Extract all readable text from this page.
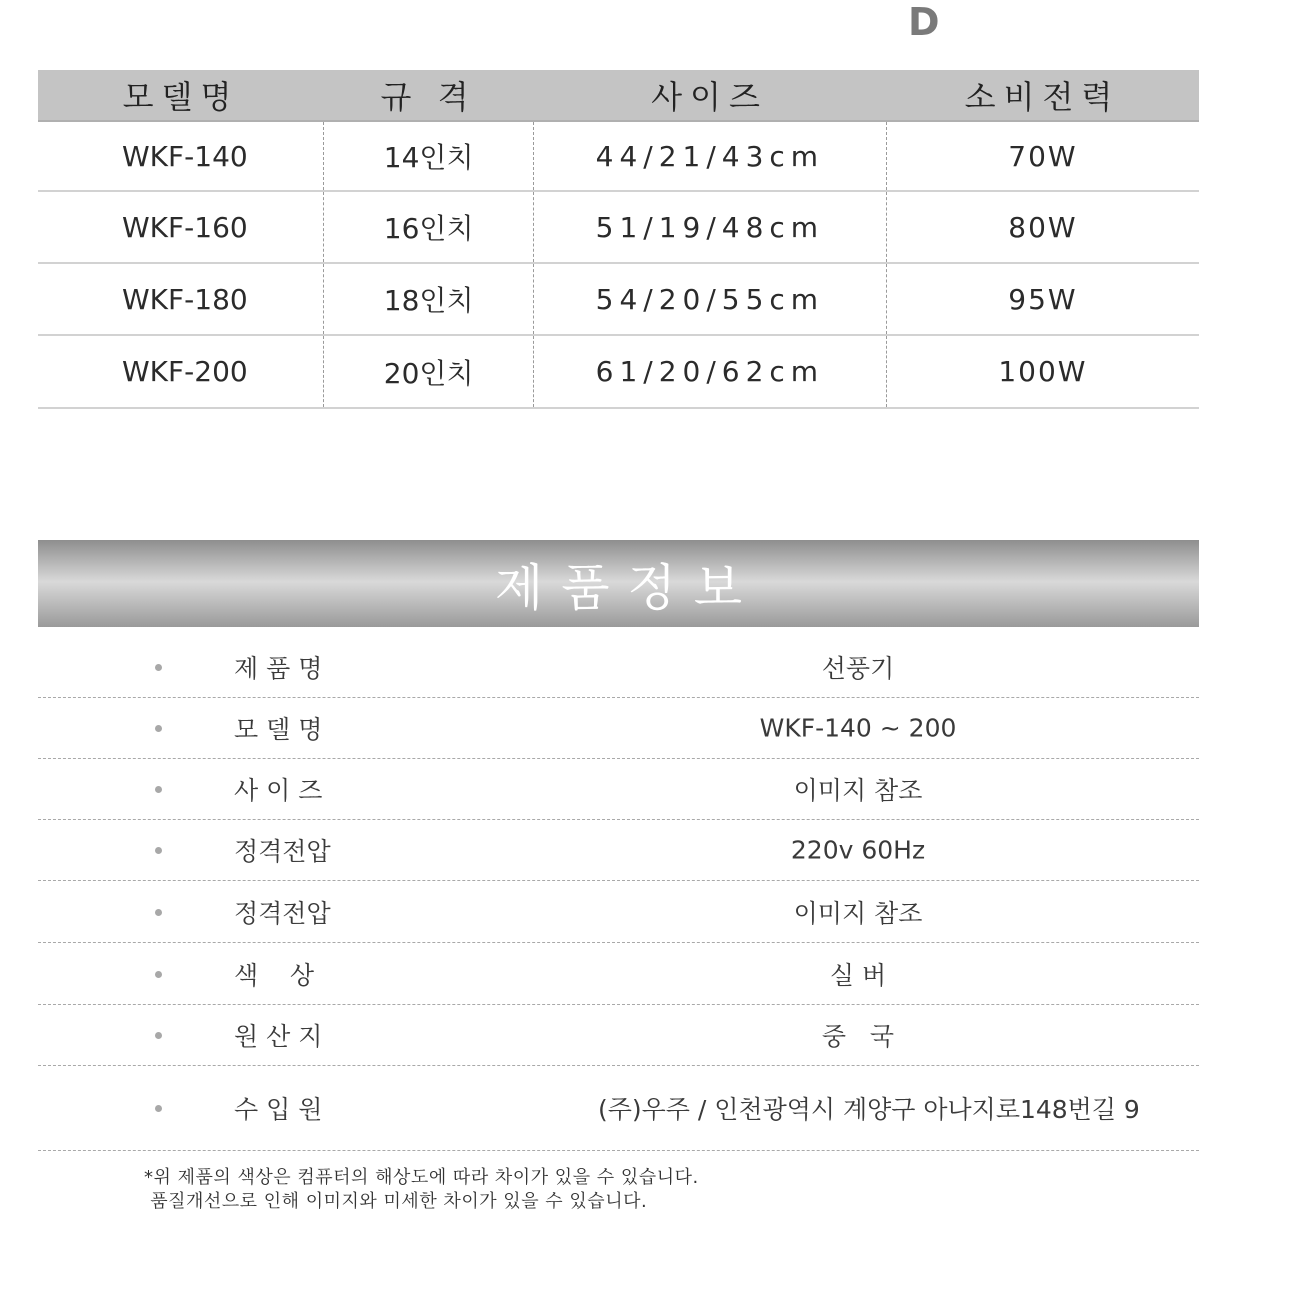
D
모델명	규 격	사이즈	소비전력
WKF-140	14인치	44/21/43cm	70W
WKF-160	16인치	51/19/48cm	80W
WKF-180	18인치	54/20/55cm	95W
WKF-200	20인치	61/20/62cm	100W
제품정보
제 품 명	선풍기
모 델 명	WKF-140 ~ 200
사 이 즈	이미지 참조
정격전압	220v 60Hz
정격전압	이미지 참조
색    상	실 버
원 산 지	중   국
수 입 원	(주)우주 / 인천광역시 계양구 아나지로148번길 9
*위 제품의 색상은 컴퓨터의 해상도에 따라 차이가 있을 수 있습니다.
품질개선으로 인해 이미지와 미세한 차이가 있을 수 있습니다.
